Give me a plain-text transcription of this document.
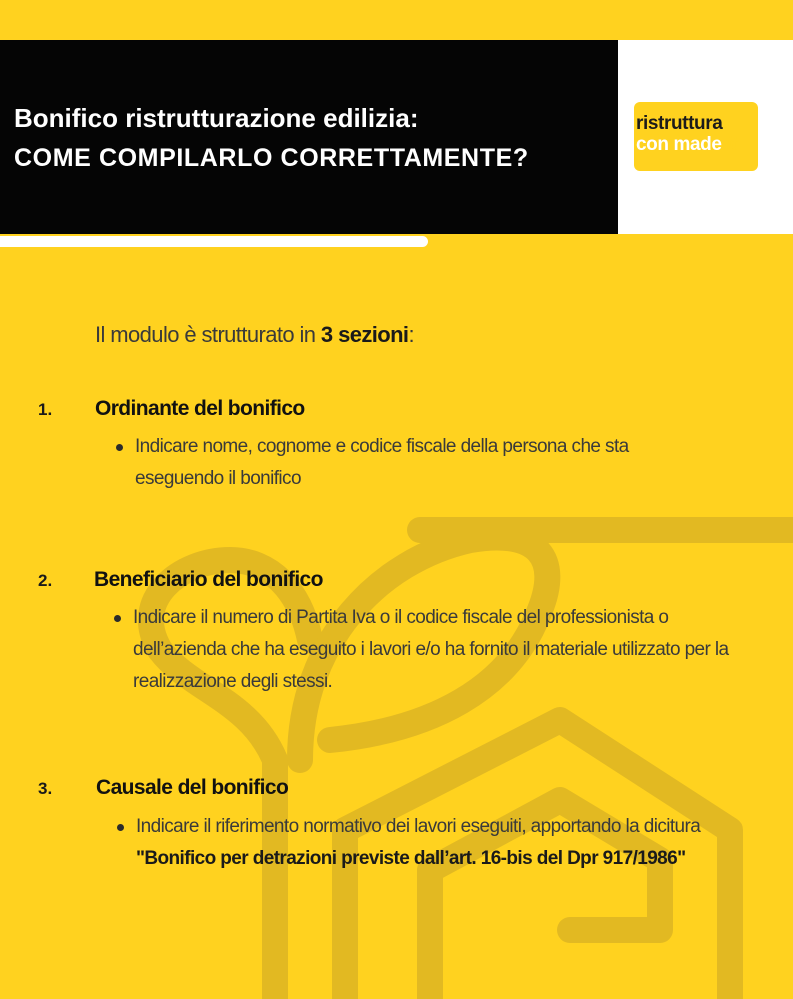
Bonifico ristrutturazione edilizia:
COME COMPILARLO CORRETTAMENTE?
ristruttura
con made.it
Il modulo è strutturato in 3 sezioni:
1. Ordinante del bonifico
Indicare nome, cognome e codice fiscale della persona che sta eseguendo il bonifico
2. Beneficiario del bonifico
Indicare il numero di Partita Iva o il codice fiscale del professionista o dell’azienda che ha eseguito i lavori e/o ha fornito il materiale utilizzato per la realizzazione degli stessi.
3. Causale del bonifico
Indicare il riferimento normativo dei lavori eseguiti, apportando la dicitura "Bonifico per detrazioni previste dall’art. 16-bis del Dpr 917/1986"
